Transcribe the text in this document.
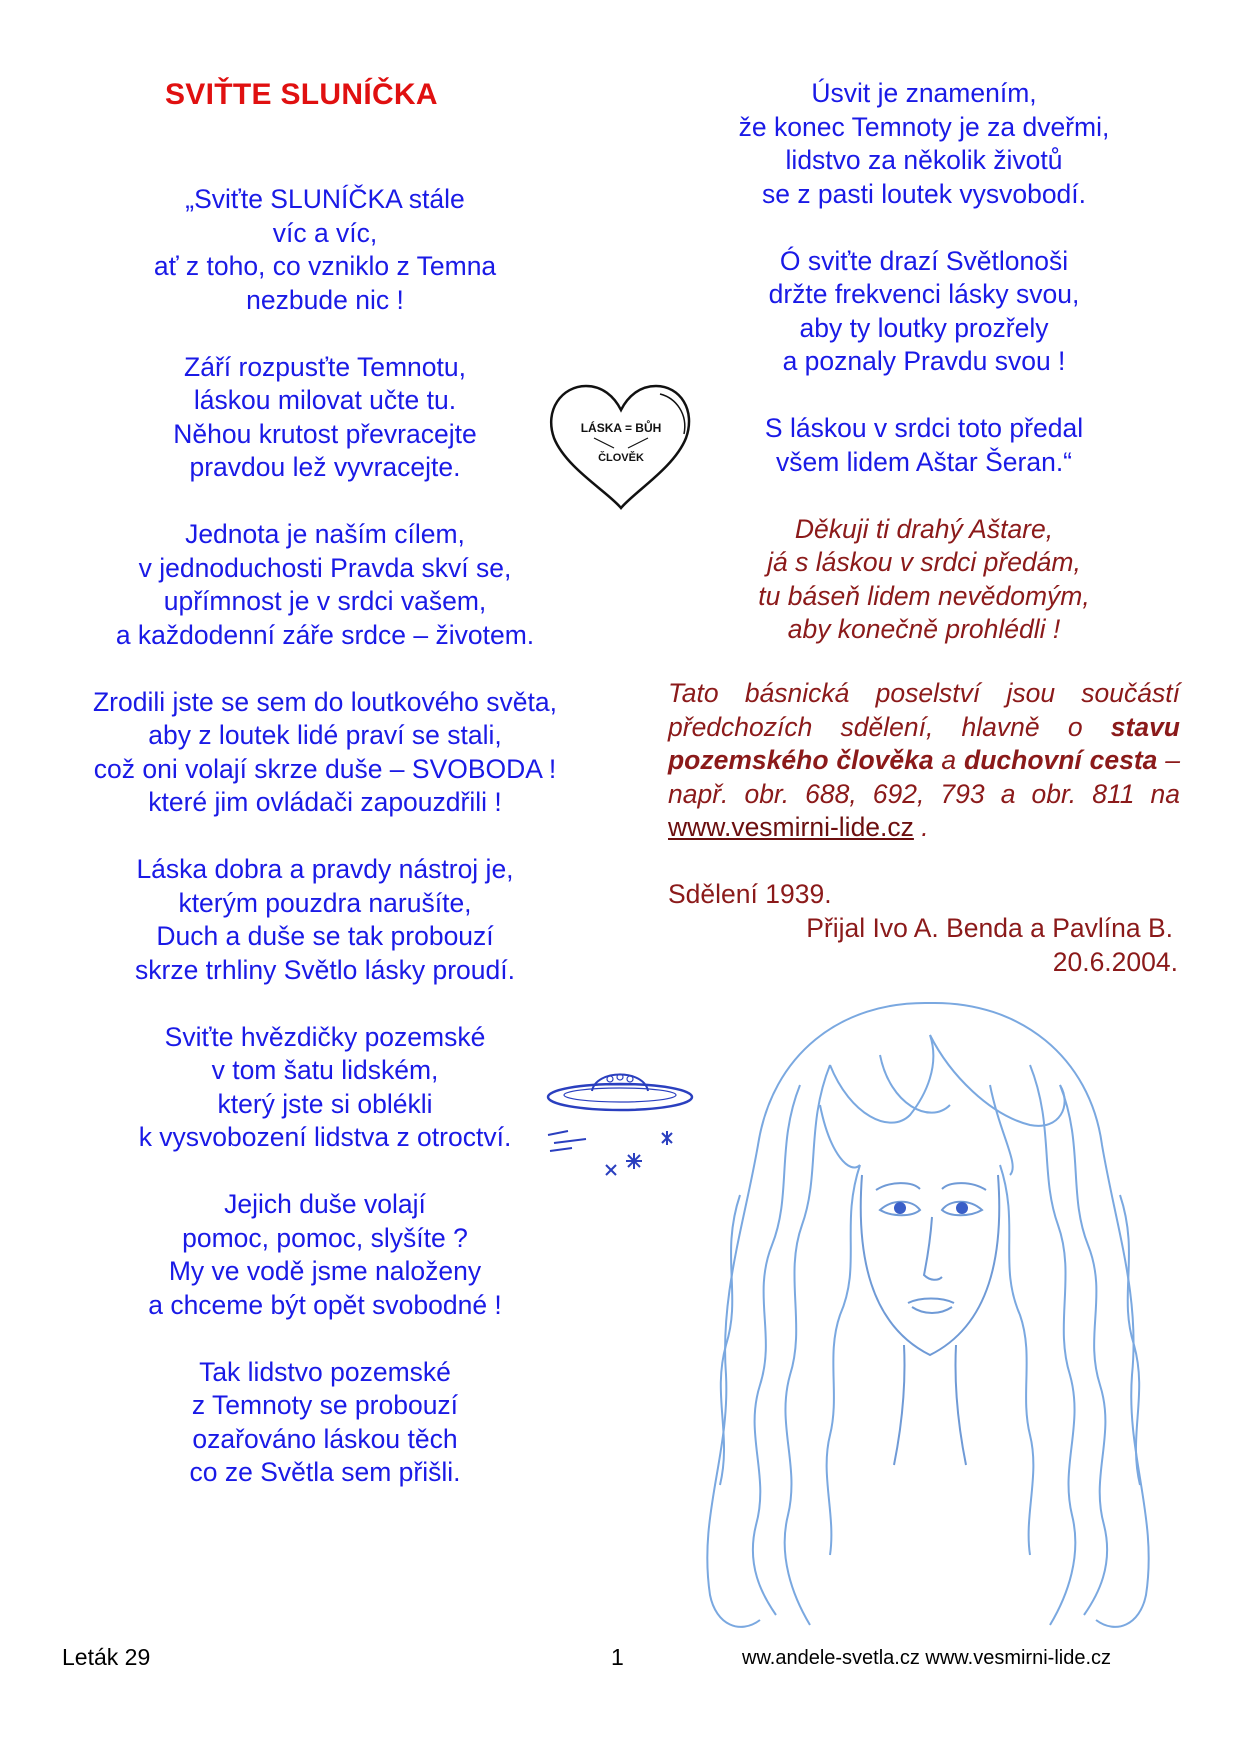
SVIŤTE SLUNÍČKA
„Sviťte SLUNÍČKA stále
víc a víc,
ať z toho, co vzniklo z Temna
nezbude nic !
Září rozpusťte Temnotu,
láskou milovat učte tu.
Něhou krutost převracejte
pravdou lež vyvracejte.
Jednota je naším cílem,
v jednoduchosti Pravda skví se,
upřímnost je v srdci vašem,
a každodenní záře srdce – životem.
Zrodili jste se sem do loutkového světa,
aby z loutek lidé praví se stali,
což oni volají skrze duše – SVOBODA !
které jim ovládači zapouzdřili !
Láska dobra a pravdy nástroj je,
kterým pouzdra narušíte,
Duch a duše se tak probouzí
skrze trhliny Světlo lásky proudí.
Sviťte hvězdičky pozemské
v tom šatu lidském,
který jste si oblékli
k vysvobození lidstva z otroctví.
Jejich duše volají
pomoc, pomoc, slyšíte ?
My ve vodě jsme naloženy
a chceme být opět svobodné !
Tak lidstvo pozemské
z Temnoty se probouzí
ozařováno láskou těch
co ze Světla sem přišli.
Úsvit je znamením,
že konec Temnoty je za dveřmi,
lidstvo za několik životů
se z pasti loutek vysvobodí.
Ó sviťte drazí Světlonoši
držte frekvenci lásky svou,
aby ty loutky prozřely
a poznaly Pravdu svou !
S láskou v srdci toto předal
všem lidem Aštar Šeran.“
Děkuji ti drahý Aštare,
já s láskou v srdci předám,
tu báseň lidem nevědomým,
aby konečně prohlédli !
Tato básnická poselství jsou součástí předchozích sdělení, hlavně o stavu pozemského člověka a duchovní cesta – např. obr. 688, 692, 793 a obr. 811 na www.vesmirni-lide.cz .
Sdělení 1939.
Přijal Ivo A. Benda a Pavlína B.
20.6.2004.
LÁSKA = BŮH
ČLOVĚK
Leták 29	1	ww.andele-svetla.cz www.vesmirni-lide.cz
